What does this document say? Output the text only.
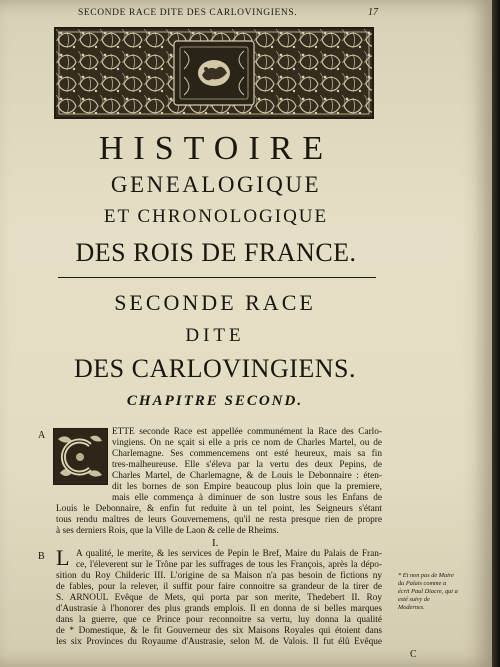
SECONDE RACE DITE DES CARLOVINGIENS.	17
HISTOIRE
GENEALOGIQUE
ET CHRONOLOGIQUE
DES ROIS DE FRANCE.
SECONDE RACE
DITE
DES CARLOVINGIENS.
CHAPITRE SECOND.
A	ETTE seconde Race est appellée communément la Race des Carlo-
vingiens. On ne sçait si elle a pris ce nom de Charles Martel, ou de
Charlemagne. Ses commencemens ont esté heureux, mais sa fin
tres-malheureuse. Elle s'éleva par la vertu des deux Pepins, de
Charles Martel, de Charlemagne, & de Louis le Debonnaire : éten-
dit les bornes de son Empire beaucoup plus loin que la premiere,
mais elle commença à diminuer de son lustre sous les Enfans de
Louis le Debonnaire, & enfin fut reduite à un tel point, les Seigneurs s'étant
tous rendu maîtres de leurs Gouvernemens, qu'il ne resta presque rien de propre
à ses derniers Rois, que la Ville de Laon & celle de Rheims.
I.
B L A qualité, le merite, & les services de Pepin le Bref, Maire du Palais de Fran-
ce, l'éleverent sur le Trône par les suffrages de tous les François, après la dépo-
sition du Roy Childeric III. L'origine de sa Maison n'a pas besoin de fictions ny
de fables, pour la relever, il suffit pour faire connoitre sa grandeur de la tirer de
S. ARNOUL Evêque de Mets, qui porta par son merite, Thedebert II. Roy
d'Austrasie à l'honorer des plus grands emplois. Il en donna de si belles marques
dans la guerre, que ce Prince pour reconnoitre sa vertu, luy donna la qualité
de * Domestique, & le fit Gouverneur des six Maisons Royales qui étoient dans
les six Provinces du Royaume d'Austrasie, selon M. de Valois. Il fut élû Evêque
* Et non pas de Maire du Palais comme a écrit Paul Diacre, qui a esté suivy de Modernes.
C
